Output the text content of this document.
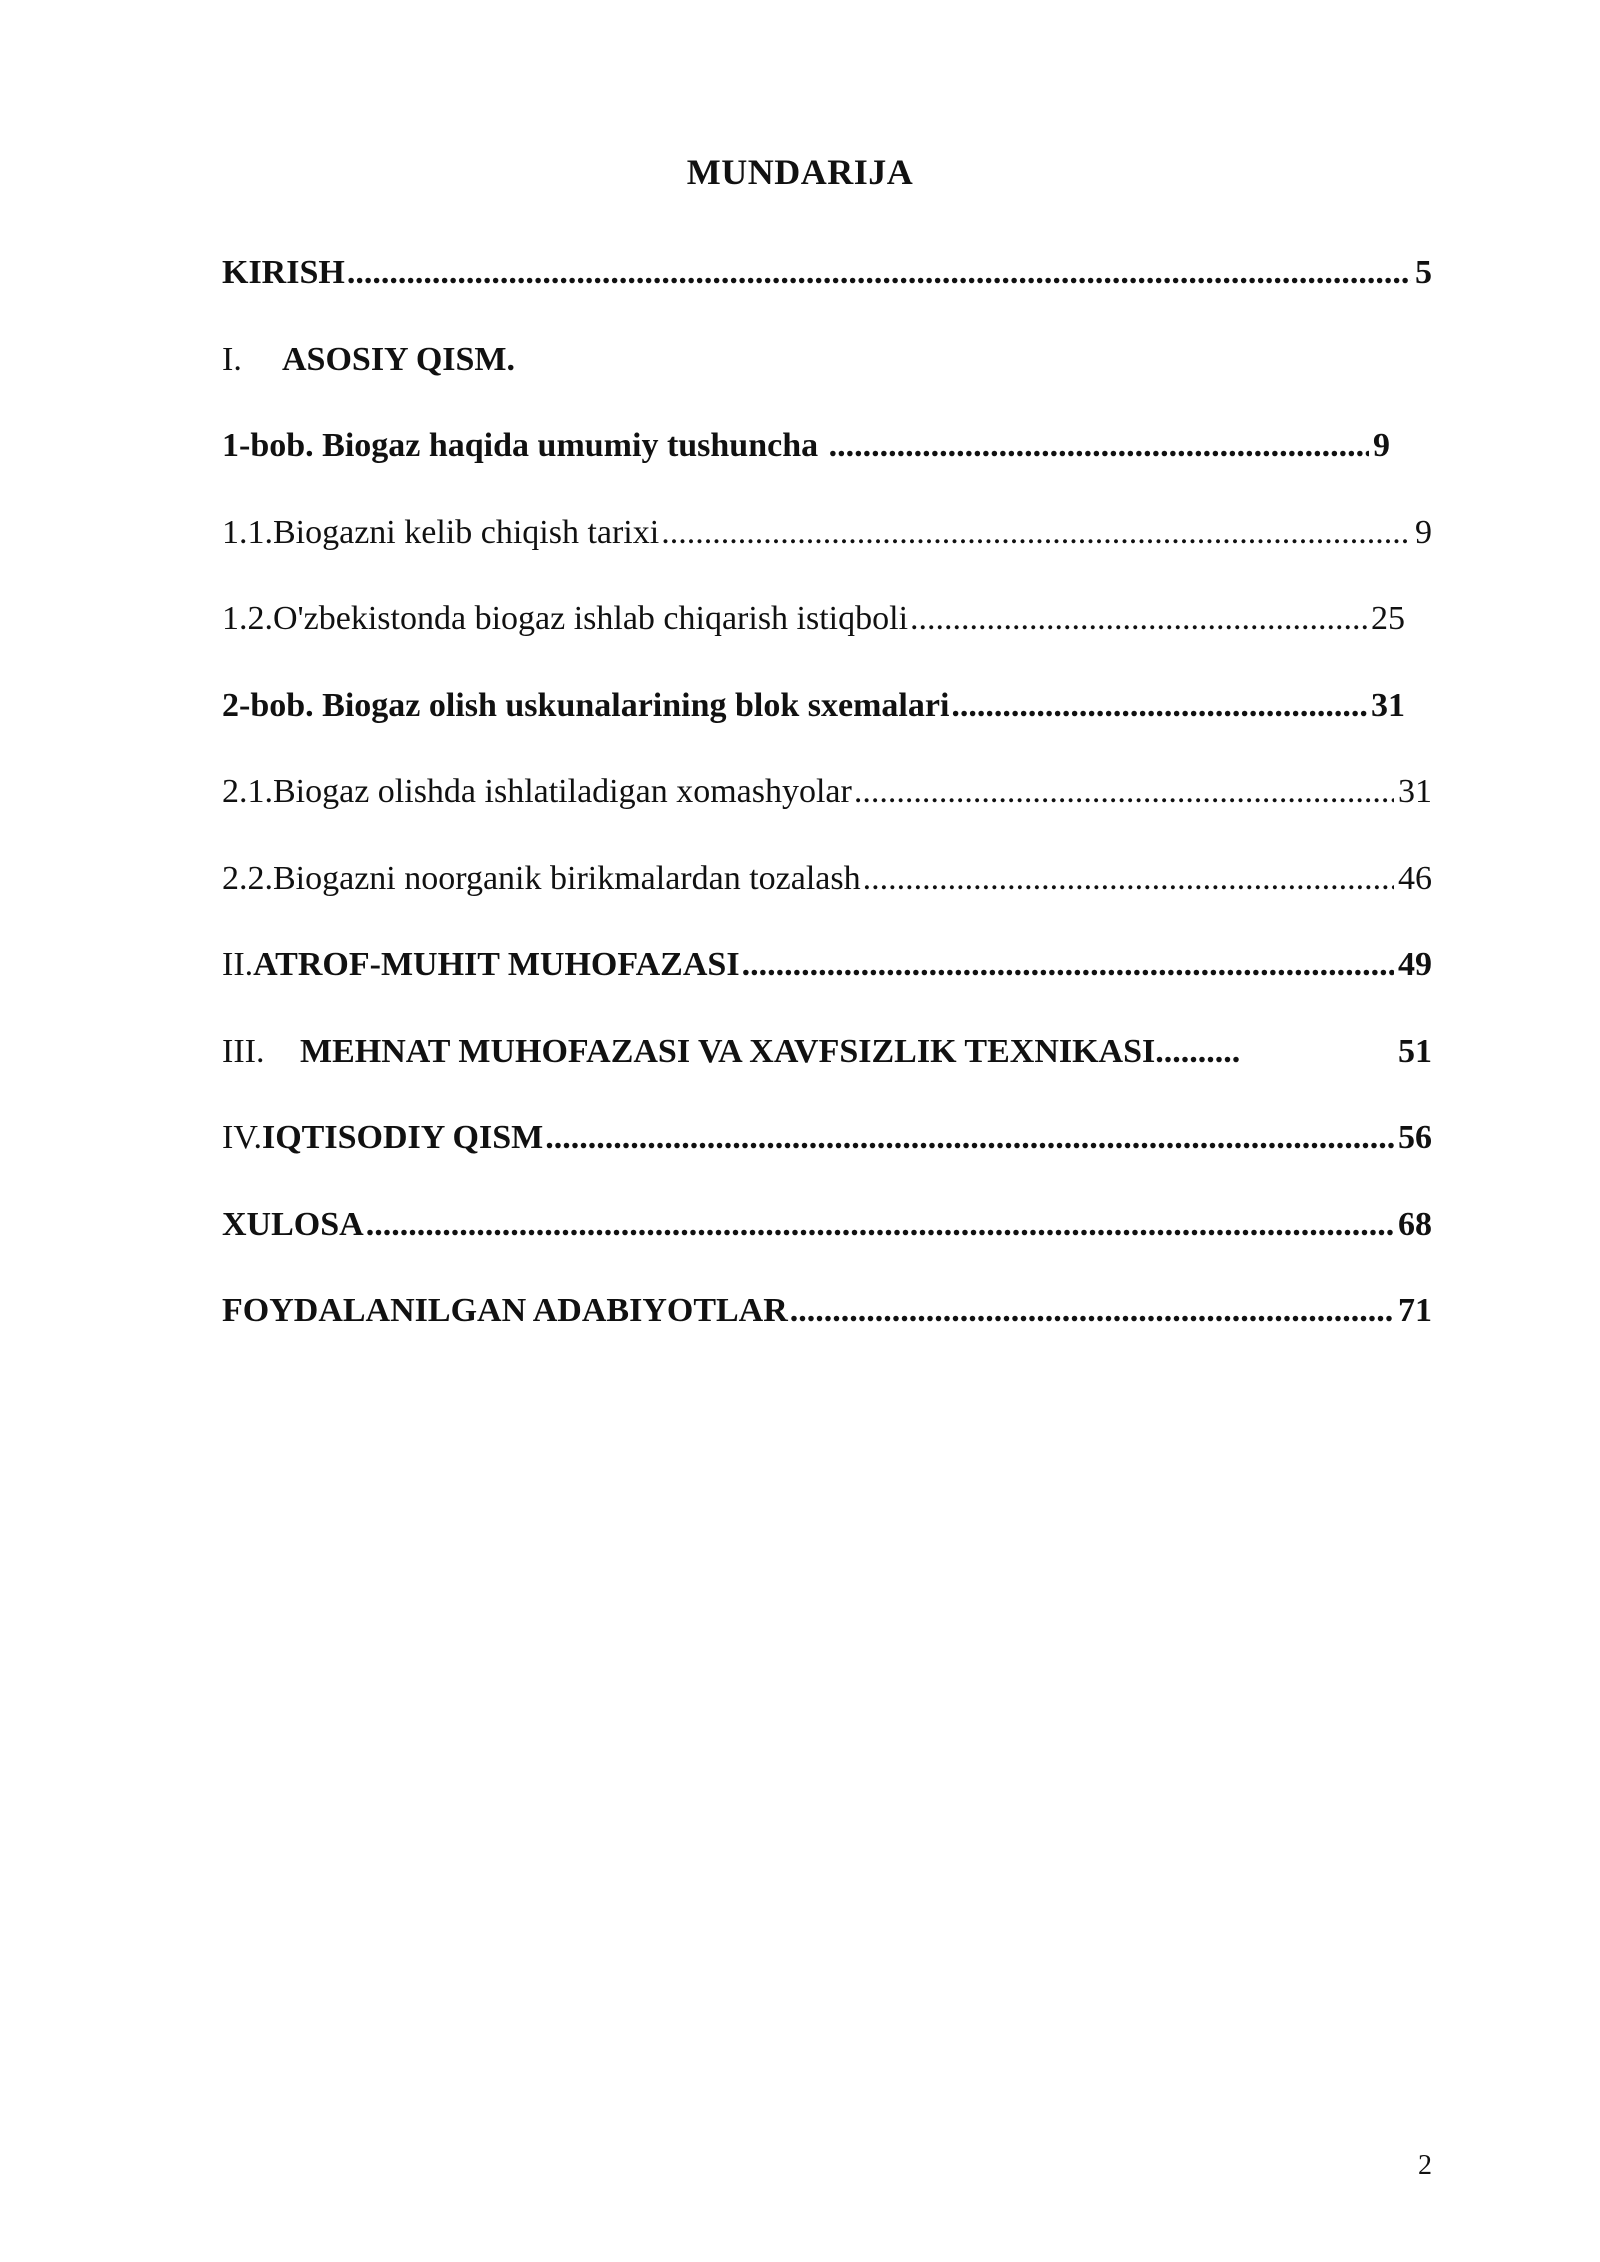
MUNDARIJA
KIRISH .....	5
I.	ASOSIY QISM.
1-bob. Biogaz haqida umumiy tushuncha .....	9
1.1. Biogazni kelib chiqish tarixi .....	9
1.2. O'zbekistonda biogaz ishlab chiqarish istiqboli .....	25
2-bob. Biogaz olish uskunalarining blok sxemalari .....	31
2.1. Biogaz olishda ishlatiladigan xomashyolar .....	31
2.2. Biogazni noorganik birikmalardan tozalash .....	46
II. ATROF-MUHIT MUHOFAZASI .....	49
III.	MEHNAT MUHOFAZASI VA XAVFSIZLIK TEXNIKASI ..........	51
IV. IQTISODIY QISM .....	56
XULOSA .....	68
FOYDALANILGAN ADABIYOTLAR .....	71
2
